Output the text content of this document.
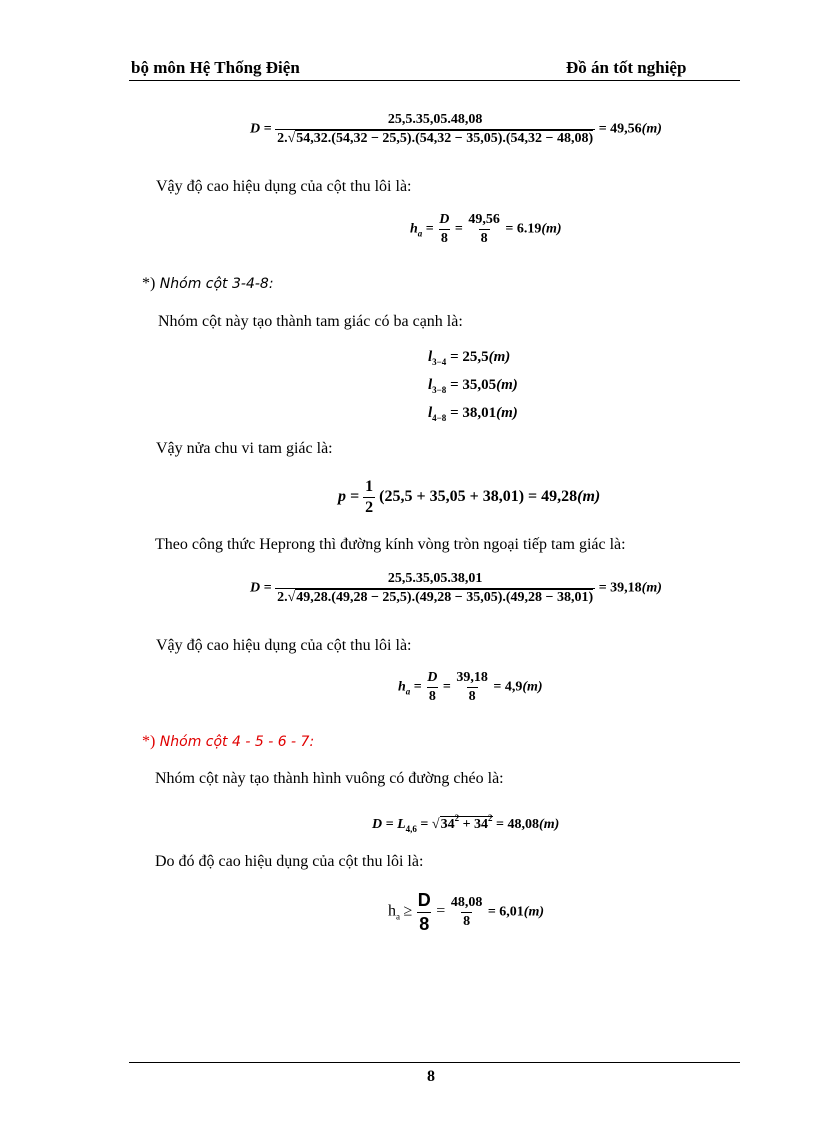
bộ môn Hệ Thống Điện	Đồ án tốt nghiệp
$D = \frac{25,5.35,05.48,08}{2.√54,32.(54,32 - 25,5).(54,32 - 35,05).(54,32 - 48,08)} = 49,56(m)$
Vậy độ cao hiệu dụng của cột thu lôi là:
$h_a = \frac{D}{8} = \frac{49,56}{8} = 6.19(m)$
*) Nhóm cột 3-4-8:
Nhóm cột này tạo thành tam giác có ba cạnh là:
$l_{3-4} = 25,5(m)$
$l_{3-8} = 35,05(m)$
$l_{4-8} = 38,01(m)$
Vậy nửa chu vi tam giác là:
$p = \frac{1}{2} (25,5 + 35,05 + 38,01) = 49,28(m)$
Theo công thức Heprong thì đường kính vòng tròn ngoại tiếp tam giác là:
$D = \frac{25,5.35,05.38,01}{2.√49,28.(49,28 - 25,5).(49,28 - 35,05).(49,28 - 38,01)} = 39,18(m)$
Vậy độ cao hiệu dụng của cột thu lôi là:
$h_a = \frac{D}{8} = \frac{39,18}{8} = 4,9(m)$
*) Nhóm cột 4 - 5 - 6 - 7:
Nhóm cột này tạo thành hình vuông có đường chéo là:
$D = L_{4,6} = √34^2 + 34^2 = 48,08(m)$
Do đó độ cao hiệu dụng của cột thu lôi là:
$h_a \ge \frac{D}{8} = \frac{48,08}{8} = 6,01(m)$
8
